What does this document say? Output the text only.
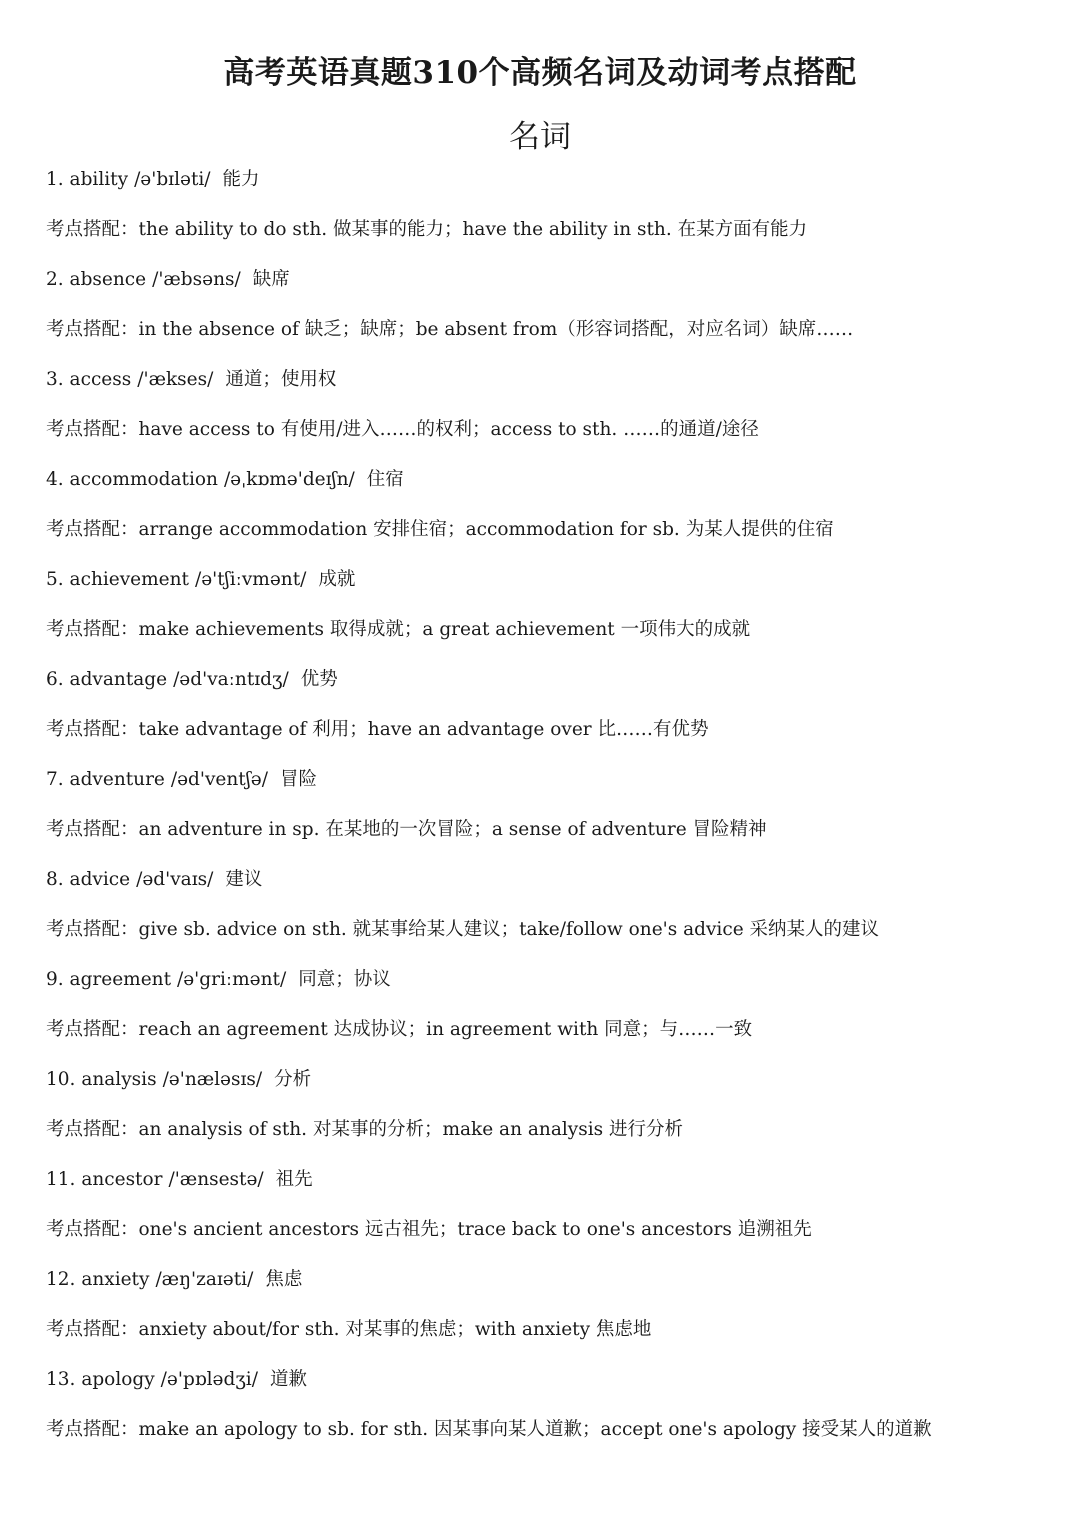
高考英语真题310个高频名词及动词考点搭配
名词
1. ability /ə'bɪləti/ 能力
考点搭配：the ability to do sth. 做某事的能力；have the ability in sth. 在某方面有能力
2. absence /'æbsəns/ 缺席
考点搭配：in the absence of 缺乏；缺席；be absent from（形容词搭配，对应名词）缺席……
3. access /'ækses/ 通道；使用权
考点搭配：have access to 有使用/进入……的权利；access to sth. ……的通道/途径
4. accommodation /əˌkɒmə'deɪʃn/ 住宿
考点搭配：arrange accommodation 安排住宿；accommodation for sb. 为某人提供的住宿
5. achievement /ə'tʃiːvmənt/ 成就
考点搭配：make achievements 取得成就；a great achievement 一项伟大的成就
6. advantage /əd'vaːntɪdʒ/ 优势
考点搭配：take advantage of 利用；have an advantage over 比……有优势
7. adventure /əd'ventʃə/ 冒险
考点搭配：an adventure in sp. 在某地的一次冒险；a sense of adventure 冒险精神
8. advice /əd'vaɪs/ 建议
考点搭配：give sb. advice on sth. 就某事给某人建议；take/follow one's advice 采纳某人的建议
9. agreement /ə'griːmənt/ 同意；协议
考点搭配：reach an agreement 达成协议；in agreement with 同意；与……一致
10. analysis /ə'næləsɪs/ 分析
考点搭配：an analysis of sth. 对某事的分析；make an analysis 进行分析
11. ancestor /'ænsestə/ 祖先
考点搭配：one's ancient ancestors 远古祖先；trace back to one's ancestors 追溯祖先
12. anxiety /æŋ'zaɪəti/ 焦虑
考点搭配：anxiety about/for sth. 对某事的焦虑；with anxiety 焦虑地
13. apology /ə'pɒlədʒi/ 道歉
考点搭配：make an apology to sb. for sth. 因某事向某人道歉；accept one's apology 接受某人的道歉
